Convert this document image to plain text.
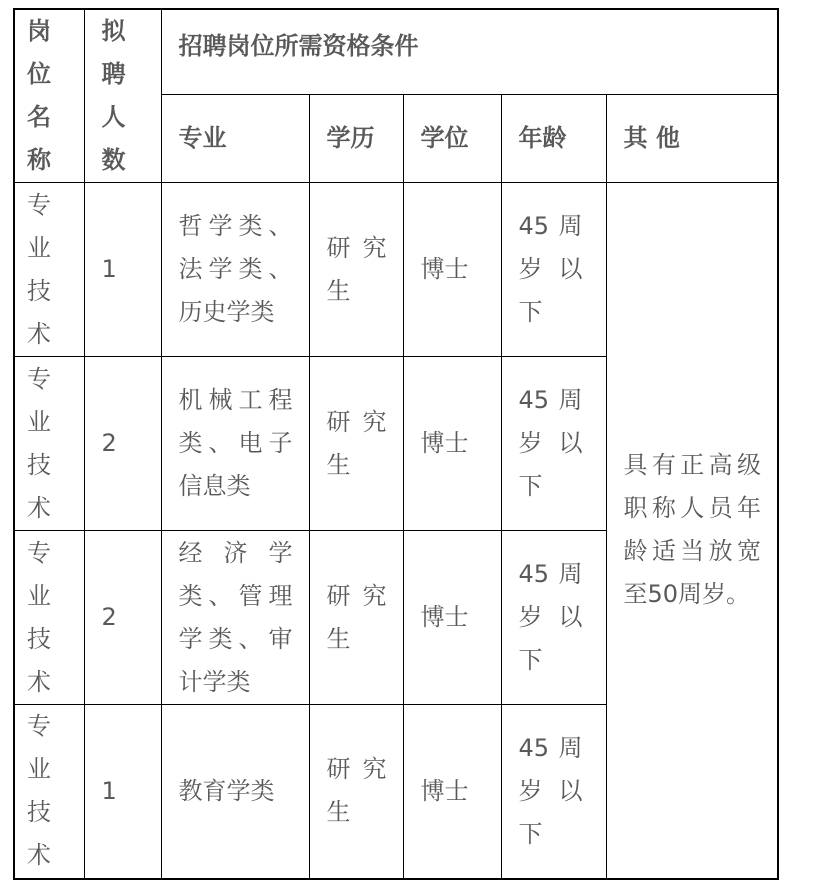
岗位名称	拟聘人数	招聘岗位所需资格条件				
		专业	学历	学位	年龄	其 他
专业技术	1	哲学类、法学类、历史学类	研究生	博士	45周岁以下	具有正高级职称人员年龄适当放宽至50周岁。
专业技术	2	机械工程类、电子信息类	研究生	博士	45周岁以下	
专业技术	2	经济学类、管理学类、审计学类	研究生	博士	45周岁以下	
专业技术	1	教育学类	研究生	博士	45周岁以下	
